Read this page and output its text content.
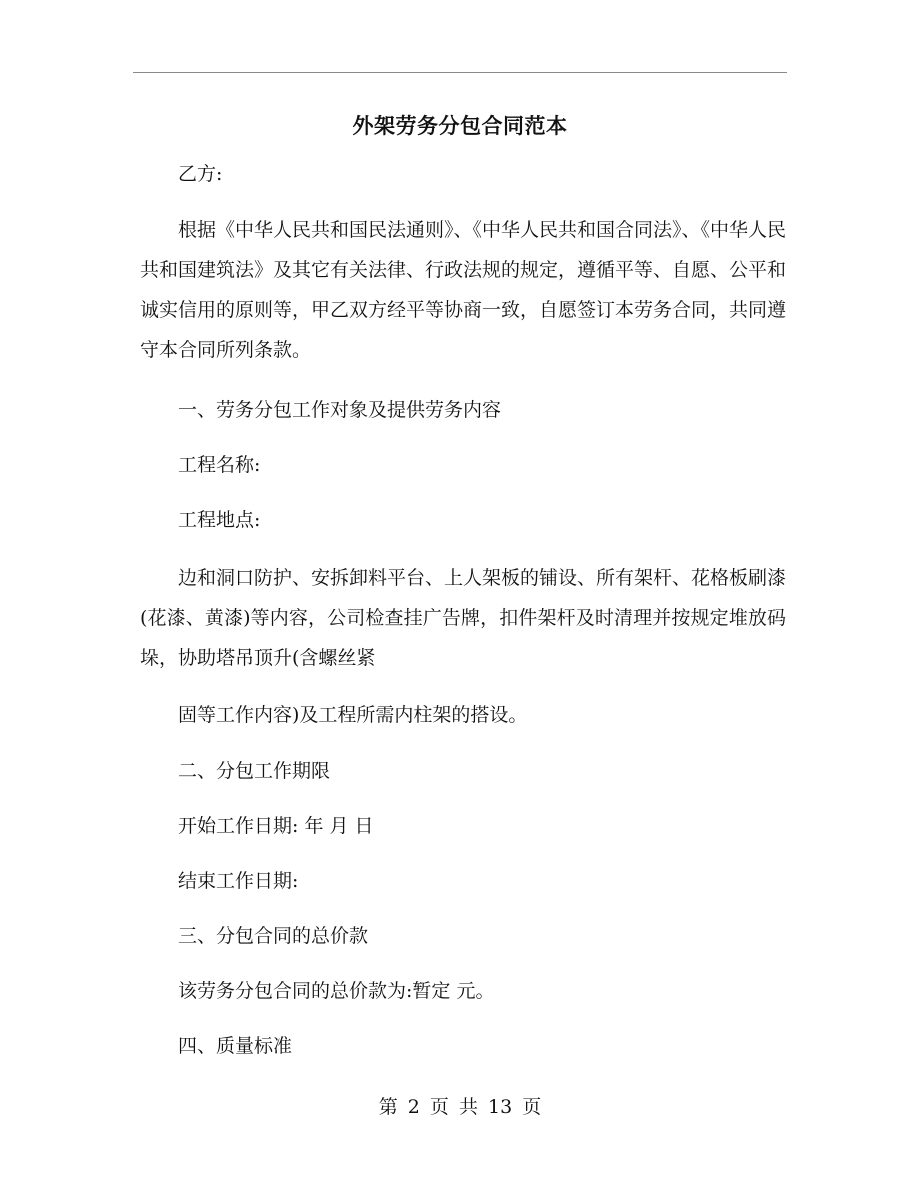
外架劳务分包合同范本
乙方:
根据《中华人民共和国民法通则》、《中华人民共和国合同法》、《中华人民共和国建筑法》及其它有关法律、行政法规的规定，遵循平等、自愿、公平和诚实信用的原则等，甲乙双方经平等协商一致，自愿签订本劳务合同，共同遵守本合同所列条款。
一、劳务分包工作对象及提供劳务内容
工程名称:
工程地点:
边和洞口防护、安拆卸料平台、上人架板的铺设、所有架杆、花格板刷漆(花漆、黄漆)等内容，公司检查挂广告牌，扣件架杆及时清理并按规定堆放码垛，协助塔吊顶升(含螺丝紧
固等工作内容)及工程所需内柱架的搭设。
二、分包工作期限
开始工作日期: 年 月 日
结束工作日期:
三、分包合同的总价款
该劳务分包合同的总价款为:暂定 元。
四、质量标准
第 2 页 共 13 页
